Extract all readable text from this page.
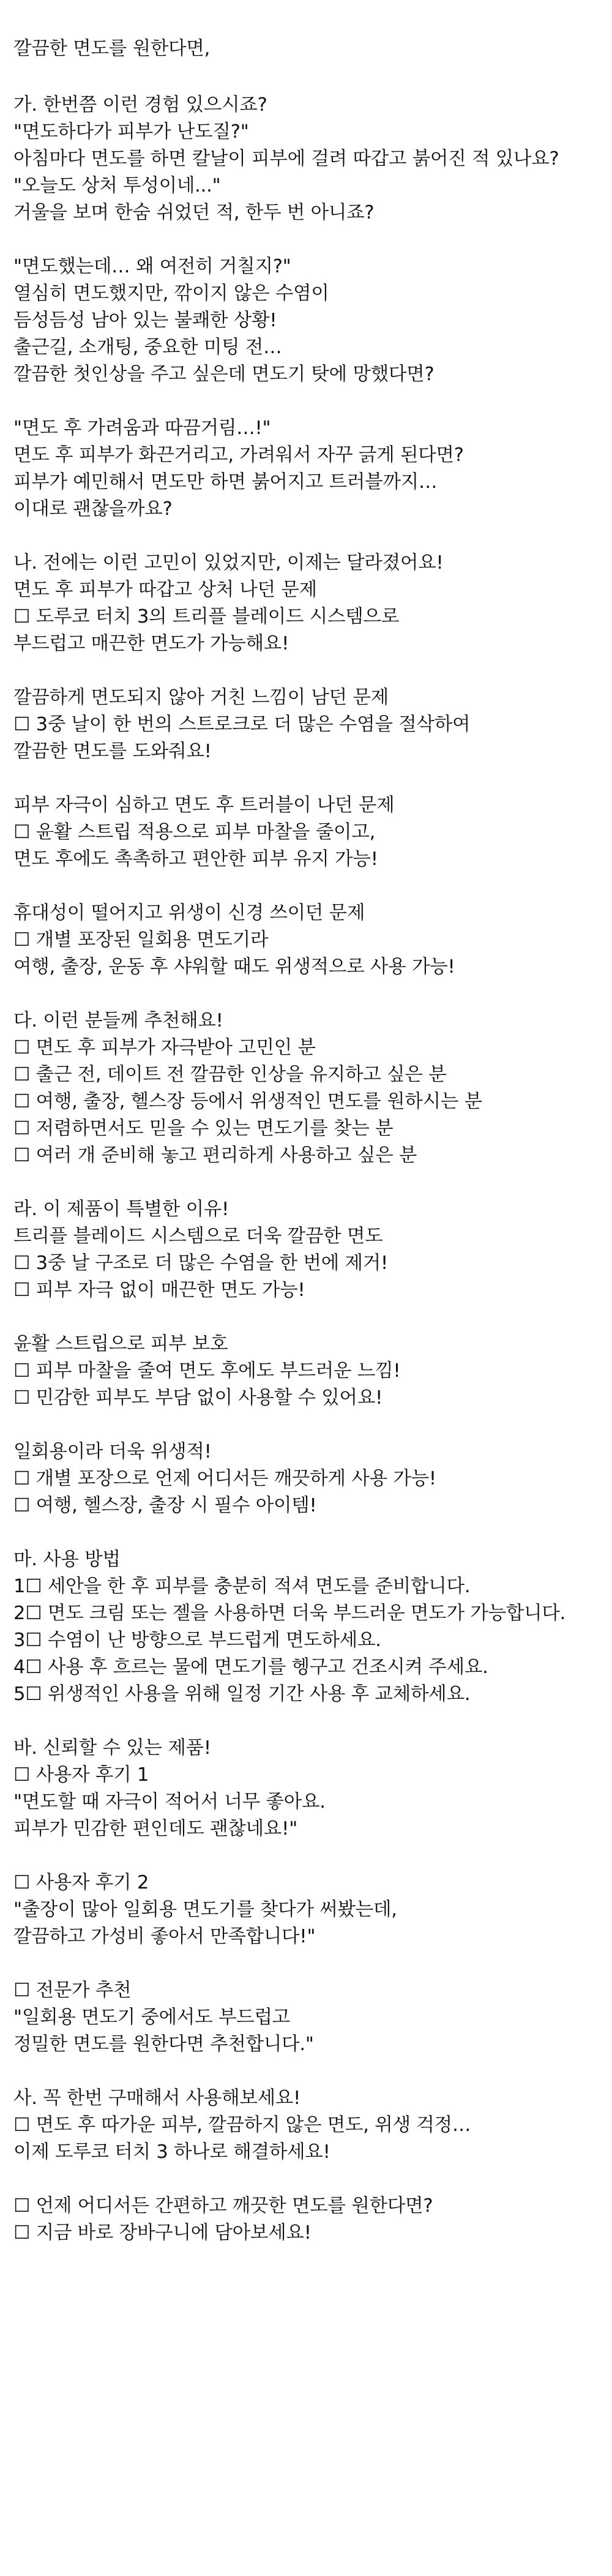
깔끔한 면도를 원한다면,
가. 한번쯤 이런 경험 있으시죠?
"면도하다가 피부가 난도질?"
아침마다 면도를 하면 칼날이 피부에 걸려 따갑고 붉어진 적 있나요?
"오늘도 상처 투성이네..."
거울을 보며 한숨 쉬었던 적, 한두 번 아니죠?
"면도했는데… 왜 여전히 거칠지?"
열심히 면도했지만, 깎이지 않은 수염이
듬성듬성 남아 있는 불쾌한 상황!
출근길, 소개팅, 중요한 미팅 전…
깔끔한 첫인상을 주고 싶은데 면도기 탓에 망했다면?
"면도 후 가려움과 따끔거림…!"
면도 후 피부가 화끈거리고, 가려워서 자꾸 긁게 된다면?
피부가 예민해서 면도만 하면 붉어지고 트러블까지…
이대로 괜찮을까요?
나. 전에는 이런 고민이 있었지만, 이제는 달라졌어요!
면도 후 피부가 따갑고 상처 나던 문제
☐ 도루코 터치 3의 트리플 블레이드 시스템으로
부드럽고 매끈한 면도가 가능해요!
깔끔하게 면도되지 않아 거친 느낌이 남던 문제
☐ 3중 날이 한 번의 스트로크로 더 많은 수염을 절삭하여
깔끔한 면도를 도와줘요!
피부 자극이 심하고 면도 후 트러블이 나던 문제
☐ 윤활 스트립 적용으로 피부 마찰을 줄이고,
면도 후에도 촉촉하고 편안한 피부 유지 가능!
휴대성이 떨어지고 위생이 신경 쓰이던 문제
☐ 개별 포장된 일회용 면도기라
여행, 출장, 운동 후 샤워할 때도 위생적으로 사용 가능!
다. 이런 분들께 추천해요!
☐ 면도 후 피부가 자극받아 고민인 분
☐ 출근 전, 데이트 전 깔끔한 인상을 유지하고 싶은 분
☐ 여행, 출장, 헬스장 등에서 위생적인 면도를 원하시는 분
☐ 저렴하면서도 믿을 수 있는 면도기를 찾는 분
☐ 여러 개 준비해 놓고 편리하게 사용하고 싶은 분
라. 이 제품이 특별한 이유!
트리플 블레이드 시스템으로 더욱 깔끔한 면도
☐ 3중 날 구조로 더 많은 수염을 한 번에 제거!
☐ 피부 자극 없이 매끈한 면도 가능!
윤활 스트립으로 피부 보호
☐ 피부 마찰을 줄여 면도 후에도 부드러운 느낌!
☐ 민감한 피부도 부담 없이 사용할 수 있어요!
일회용이라 더욱 위생적!
☐ 개별 포장으로 언제 어디서든 깨끗하게 사용 가능!
☐ 여행, 헬스장, 출장 시 필수 아이템!
마. 사용 방법
1☐ 세안을 한 후 피부를 충분히 적셔 면도를 준비합니다.
2☐ 면도 크림 또는 젤을 사용하면 더욱 부드러운 면도가 가능합니다.
3☐ 수염이 난 방향으로 부드럽게 면도하세요.
4☐ 사용 후 흐르는 물에 면도기를 헹구고 건조시켜 주세요.
5☐ 위생적인 사용을 위해 일정 기간 사용 후 교체하세요.
바. 신뢰할 수 있는 제품!
☐ 사용자 후기 1
"면도할 때 자극이 적어서 너무 좋아요.
피부가 민감한 편인데도 괜찮네요!"
☐ 사용자 후기 2
"출장이 많아 일회용 면도기를 찾다가 써봤는데,
깔끔하고 가성비 좋아서 만족합니다!"
☐ 전문가 추천
"일회용 면도기 중에서도 부드럽고
정밀한 면도를 원한다면 추천합니다."
사. 꼭 한번 구매해서 사용해보세요!
☐ 면도 후 따가운 피부, 깔끔하지 않은 면도, 위생 걱정…
이제 도루코 터치 3 하나로 해결하세요!
☐ 언제 어디서든 간편하고 깨끗한 면도를 원한다면?
☐ 지금 바로 장바구니에 담아보세요!
